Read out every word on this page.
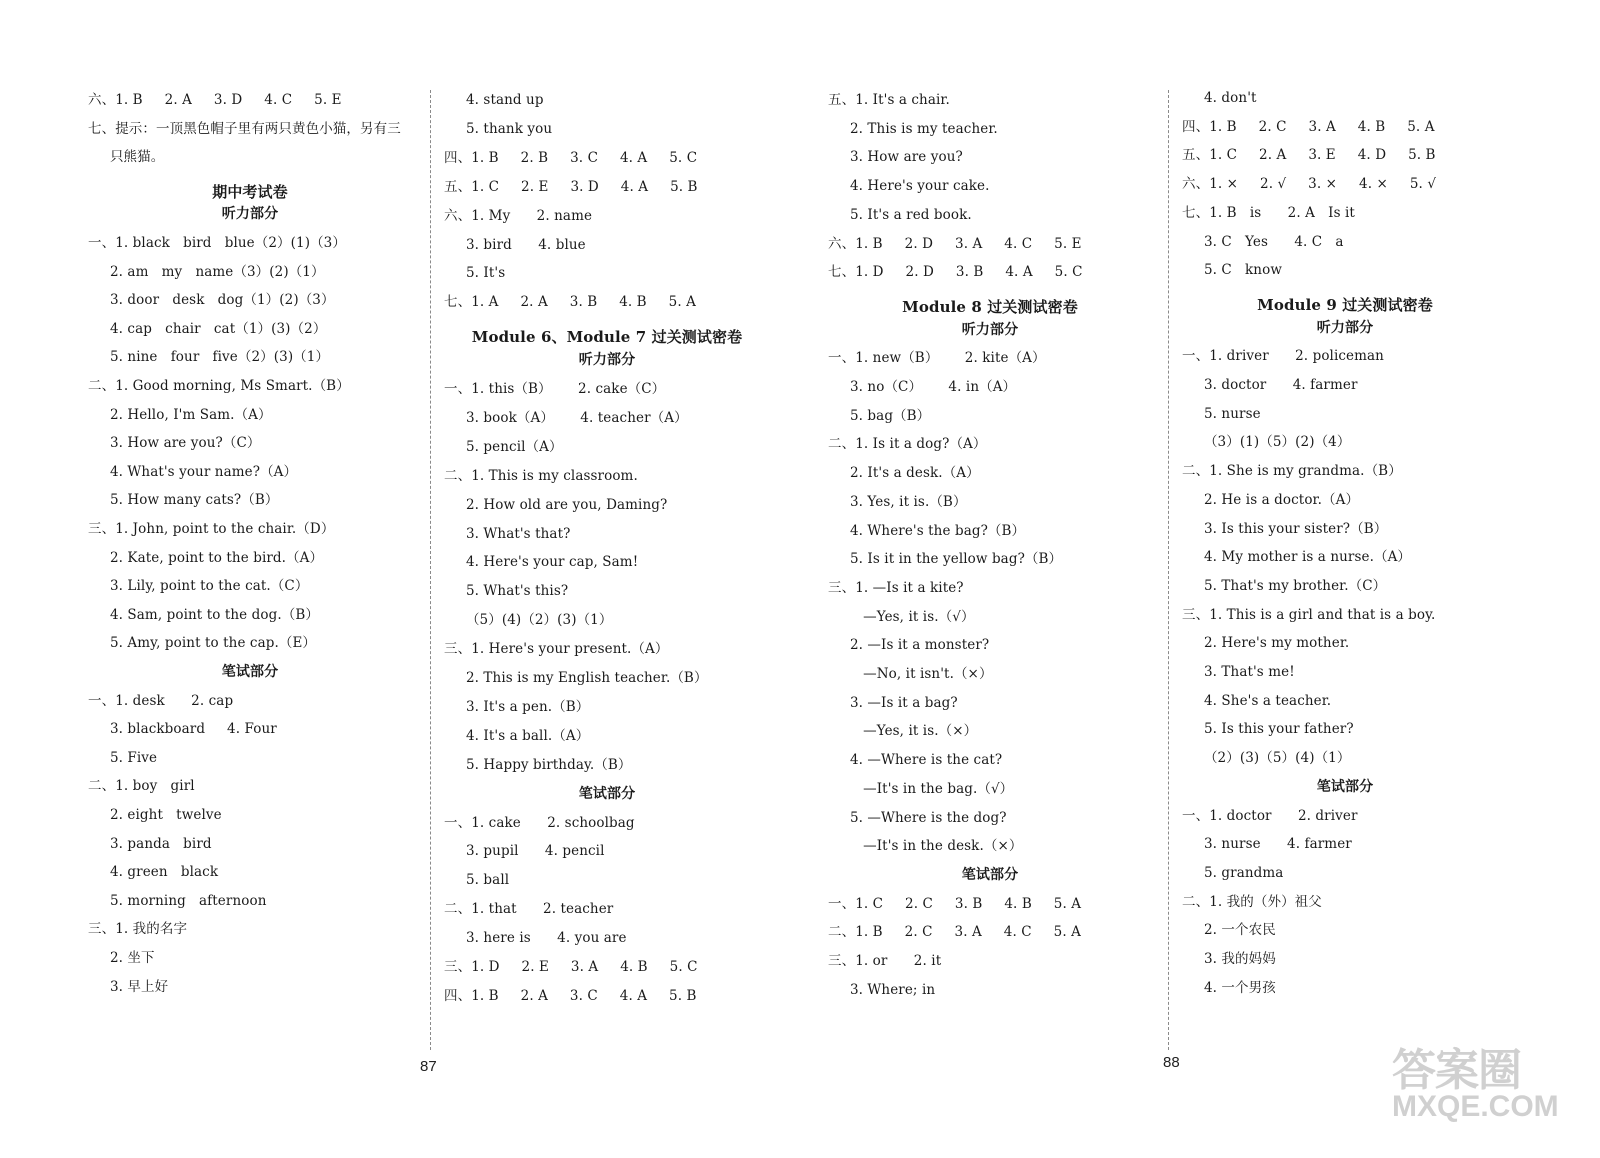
六、1. B     2. A     3. D     4. C     5. E
七、提示：一顶黑色帽子里有两只黄色小猫，另有三
只熊猫。
期中考试卷
听力部分
一、1. black   bird   blue（2）(1)（3）
2. am   my   name（3）(2)（1）
3. door   desk   dog（1）(2)（3）
4. cap   chair   cat（1）(3)（2）
5. nine   four   five（2）(3)（1）
二、1. Good morning, Ms Smart.（B）
2. Hello, I'm Sam.（A）
3. How are you?（C）
4. What's your name?（A）
5. How many cats?（B）
三、1. John, point to the chair.（D）
2. Kate, point to the bird.（A）
3. Lily, point to the cat.（C）
4. Sam, point to the dog.（B）
5. Amy, point to the cap.（E）
笔试部分
一、1. desk      2. cap
3. blackboard     4. Four
5. Five
二、1. boy   girl
2. eight   twelve
3. panda   bird
4. green   black
5. morning   afternoon
三、1. 我的名字
2. 坐下
3. 早上好
4. stand up
5. thank you
四、1. B     2. B     3. C     4. A     5. C
五、1. C     2. E     3. D     4. A     5. B
六、1. My      2. name
3. bird      4. blue
5. It's
七、1. A     2. A     3. B     4. B     5. A
Module 6、Module 7 过关测试密卷
听力部分
一、1. this（B）      2. cake（C）
3. book（A）      4. teacher（A）
5. pencil（A）
二、1. This is my classroom.
2. How old are you, Daming?
3. What's that?
4. Here's your cap, Sam!
5. What's this?
（5）(4)（2）(3)（1）
三、1. Here's your present.（A）
2. This is my English teacher.（B）
3. It's a pen.（B）
4. It's a ball.（A）
5. Happy birthday.（B）
笔试部分
一、1. cake      2. schoolbag
3. pupil      4. pencil
5. ball
二、1. that      2. teacher
3. here is      4. you are
三、1. D     2. E     3. A     4. B     5. C
四、1. B     2. A     3. C     4. A     5. B
五、1. It's a chair.
2. This is my teacher.
3. How are you?
4. Here's your cake.
5. It's a red book.
六、1. B     2. D     3. A     4. C     5. E
七、1. D     2. D     3. B     4. A     5. C
Module 8 过关测试密卷
听力部分
一、1. new（B）      2. kite（A）
3. no（C）      4. in（A）
5. bag（B）
二、1. Is it a dog?（A）
2. It's a desk.（A）
3. Yes, it is.（B）
4. Where's the bag?（B）
5. Is it in the yellow bag?（B）
三、1. —Is it a kite?
—Yes, it is.（√）
2. —Is it a monster?
—No, it isn't.（×）
3. —Is it a bag?
—Yes, it is.（×）
4. —Where is the cat?
—It's in the bag.（√）
5. —Where is the dog?
—It's in the desk.（×）
笔试部分
一、1. C     2. C     3. B     4. B     5. A
二、1. B     2. C     3. A     4. C     5. A
三、1. or      2. it
3. Where; in
4. don't
四、1. B     2. C     3. A     4. B     5. A
五、1. C     2. A     3. E     4. D     5. B
六、1. ×     2. √     3. ×     4. ×     5. √
七、1. B   is      2. A   Is it
3. C   Yes      4. C   a
5. C   know
Module 9 过关测试密卷
听力部分
一、1. driver      2. policeman
3. doctor      4. farmer
5. nurse
（3）(1)（5）(2)（4）
二、1. She is my grandma.（B）
2. He is a doctor.（A）
3. Is this your sister?（B）
4. My mother is a nurse.（A）
5. That's my brother.（C）
三、1. This is a girl and that is a boy.
2. Here's my mother.
3. That's me!
4. She's a teacher.
5. Is this your father?
（2）(3)（5）(4)（1）
笔试部分
一、1. doctor      2. driver
3. nurse      4. farmer
5. grandma
二、1. 我的（外）祖父
2. 一个农民
3. 我的妈妈
4. 一个男孩
87	88	答案圈
MXQE.COM
